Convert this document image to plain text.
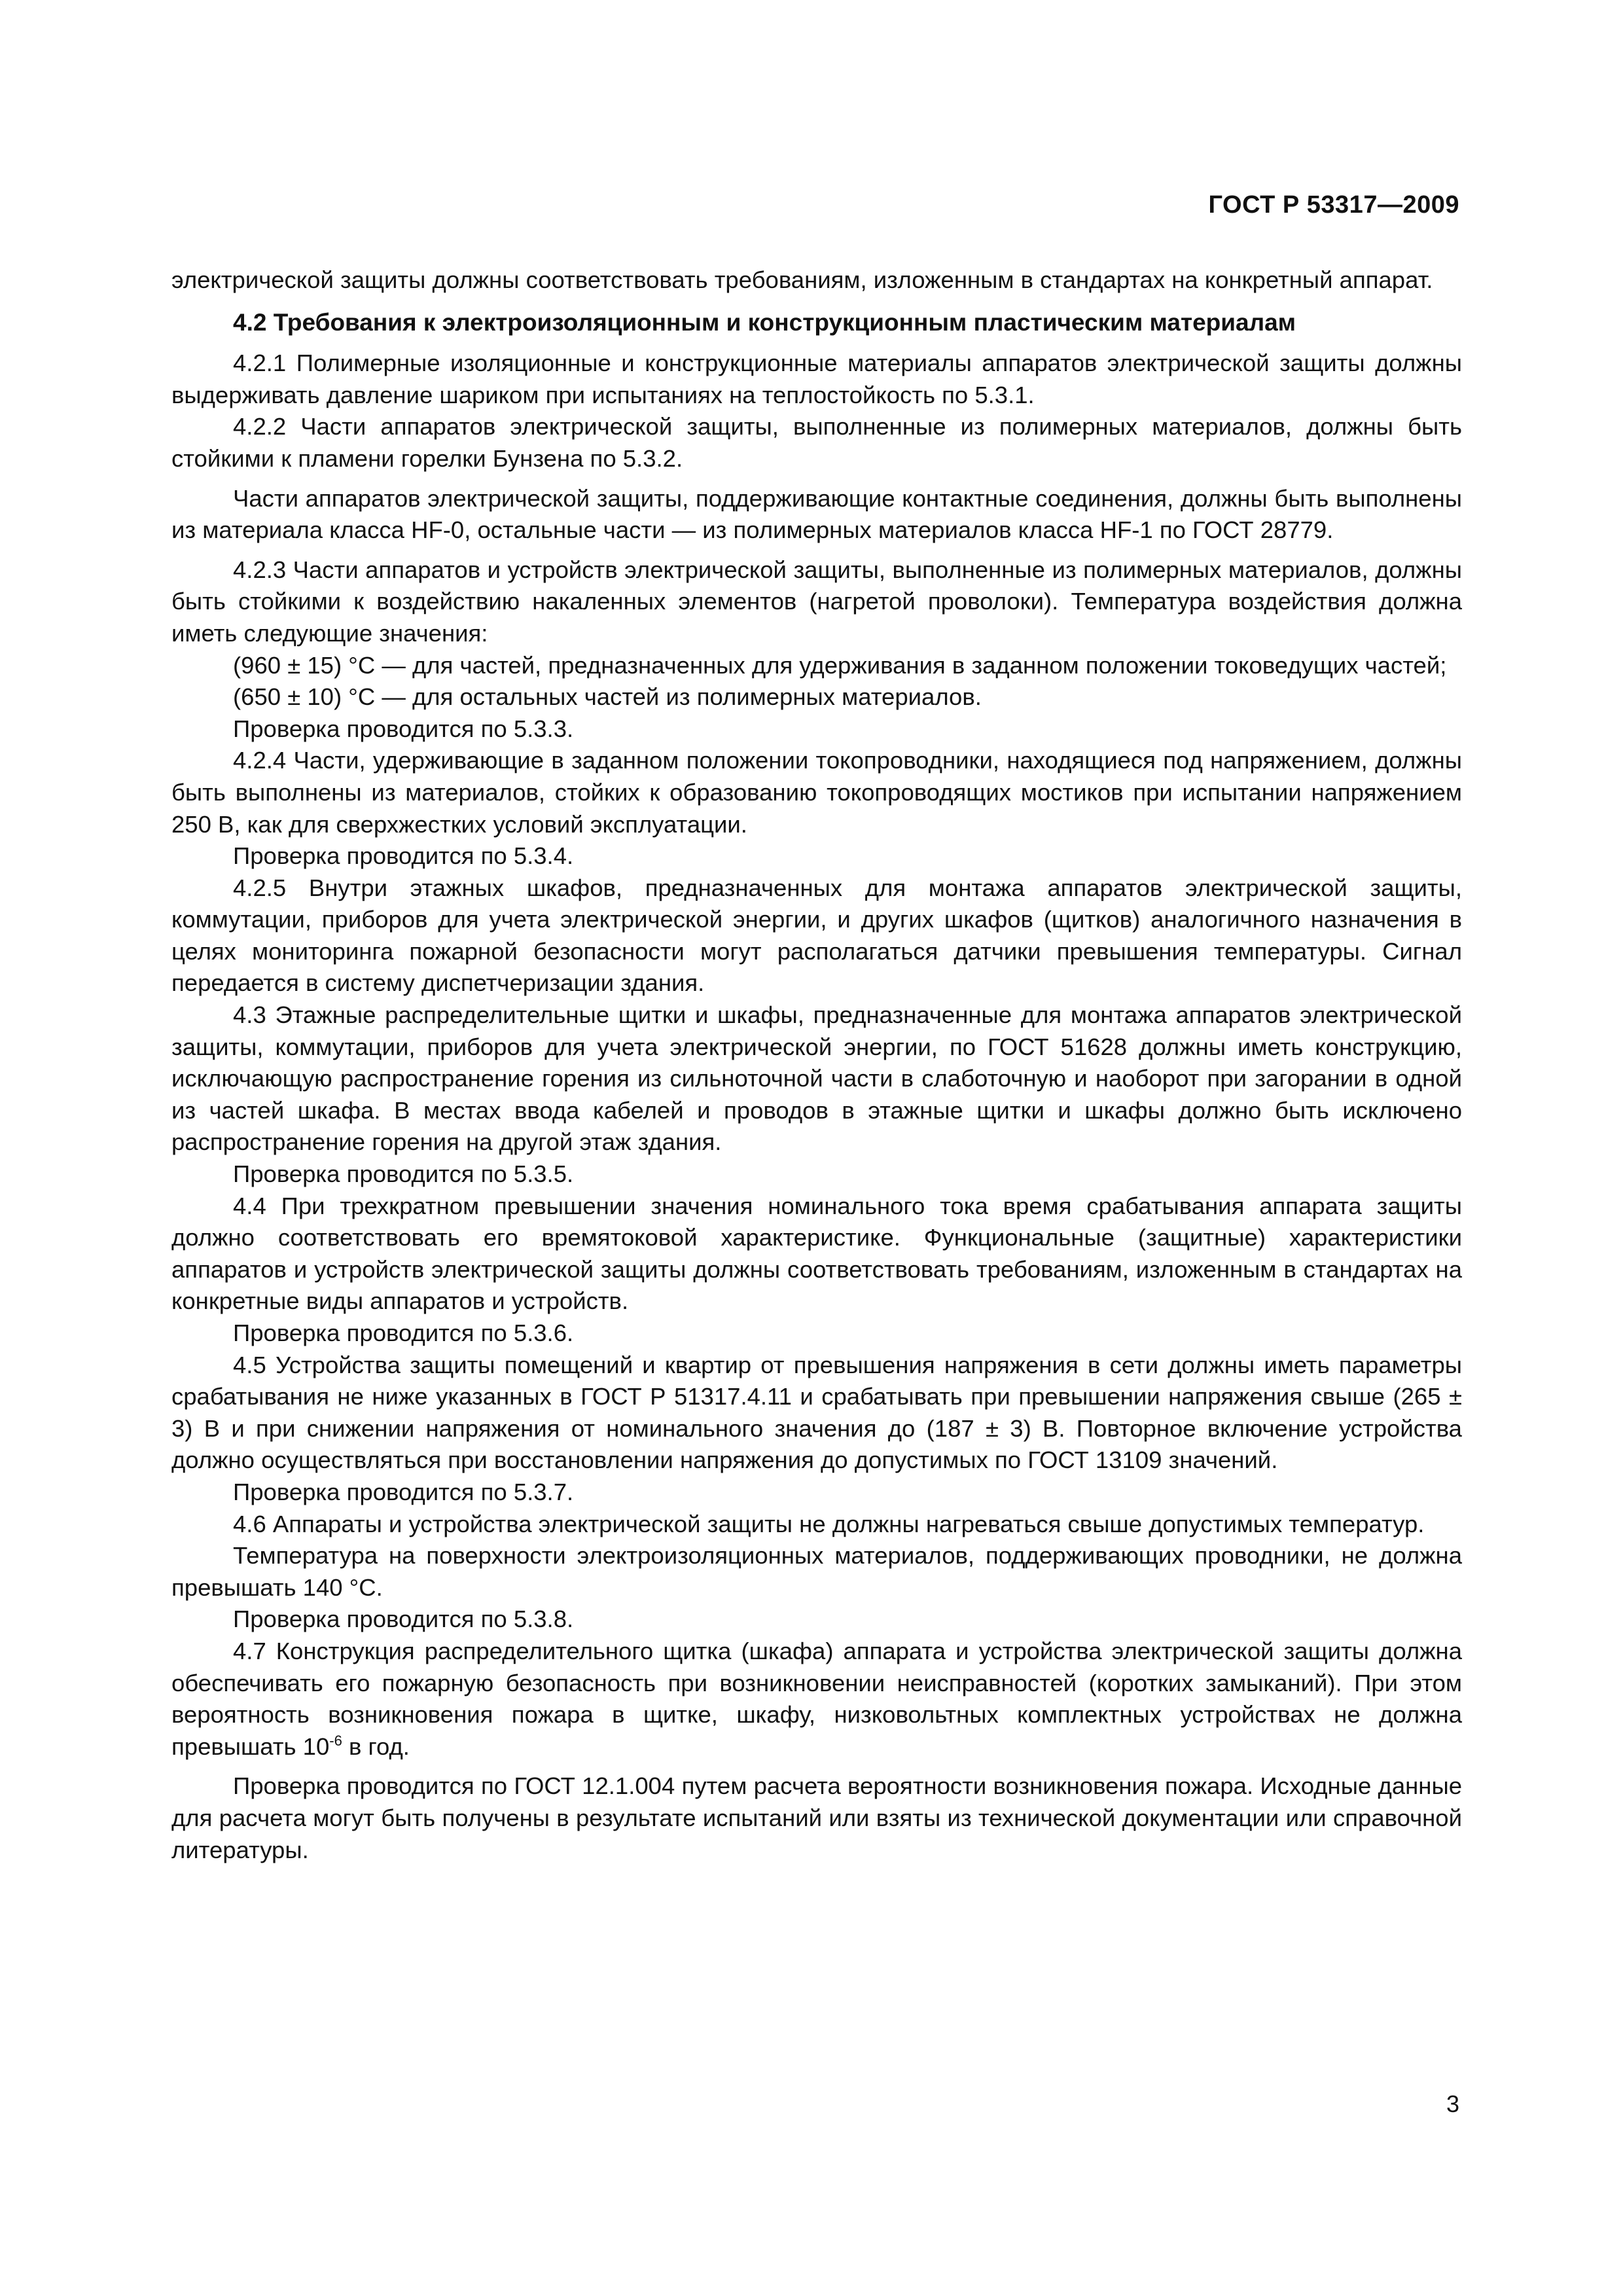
ГОСТ Р 53317—2009

электрической защиты должны соответствовать требованиям, изложенным в стандартах на конкретный аппарат.

4.2 Требования к электроизоляционным и конструкционным пластическим материалам

4.2.1 Полимерные изоляционные и конструкционные материалы аппаратов электрической защиты должны выдерживать давление шариком при испытаниях на теплостойкость по 5.3.1.

4.2.2 Части аппаратов электрической защиты, выполненные из полимерных материалов, должны быть стойкими к пламени горелки Бунзена по 5.3.2.

Части аппаратов электрической защиты, поддерживающие контактные соединения, должны быть выполнены из материала класса HF-0, остальные части — из полимерных материалов класса HF-1 по ГОСТ 28779.

4.2.3 Части аппаратов и устройств электрической защиты, выполненные из полимерных материалов, должны быть стойкими к воздействию накаленных элементов (нагретой проволоки). Температура воздействия должна иметь следующие значения:

(960 ± 15) °С — для частей, предназначенных для удерживания в заданном положении токоведущих частей;

(650 ± 10) °С — для остальных частей из полимерных материалов.

Проверка проводится по 5.3.3.

4.2.4 Части, удерживающие в заданном положении токопроводники, находящиеся под напряжением, должны быть выполнены из материалов, стойких к образованию токопроводящих мостиков при испытании напряжением 250 В, как для сверхжестких условий эксплуатации.

Проверка проводится по 5.3.4.

4.2.5 Внутри этажных шкафов, предназначенных для монтажа аппаратов электрической защиты, коммутации, приборов для учета электрической энергии, и других шкафов (щитков) аналогичного назначения в целях мониторинга пожарной безопасности могут располагаться датчики превышения температуры. Сигнал передается в систему диспетчеризации здания.

4.3 Этажные распределительные щитки и шкафы, предназначенные для монтажа аппаратов электрической защиты, коммутации, приборов для учета электрической энергии, по ГОСТ 51628 должны иметь конструкцию, исключающую распространение горения из сильноточной части в слаботочную и наоборот при загорании в одной из частей шкафа. В местах ввода кабелей и проводов в этажные щитки и шкафы должно быть исключено распространение горения на другой этаж здания.

Проверка проводится по 5.3.5.

4.4 При трехкратном превышении значения номинального тока время срабатывания аппарата защиты должно соответствовать его времятоковой характеристике. Функциональные (защитные) характеристики аппаратов и устройств электрической защиты должны соответствовать требованиям, изложенным в стандартах на конкретные виды аппаратов и устройств.

Проверка проводится по 5.3.6.

4.5 Устройства защиты помещений и квартир от превышения напряжения в сети должны иметь параметры срабатывания не ниже указанных в ГОСТ Р 51317.4.11 и срабатывать при превышении напряжения свыше (265 ± 3) В и при снижении напряжения от номинального значения до (187 ± 3) В. Повторное включение устройства должно осуществляться при восстановлении напряжения до допустимых по ГОСТ 13109 значений.

Проверка проводится по 5.3.7.

4.6 Аппараты и устройства электрической защиты не должны нагреваться свыше допустимых температур.

Температура на поверхности электроизоляционных материалов, поддерживающих проводники, не должна превышать 140 °С.

Проверка проводится по 5.3.8.

4.7 Конструкция распределительного щитка (шкафа) аппарата и устройства электрической защиты должна обеспечивать его пожарную безопасность при возникновении неисправностей (коротких замыканий). При этом вероятность возникновения пожара в щитке, шкафу, низковольтных комплектных устройствах не должна превышать $10^{-6}$ в год.

Проверка проводится по ГОСТ 12.1.004 путем расчета вероятности возникновения пожара. Исходные данные для расчета могут быть получены в результате испытаний или взяты из технической документации или справочной литературы.

3
